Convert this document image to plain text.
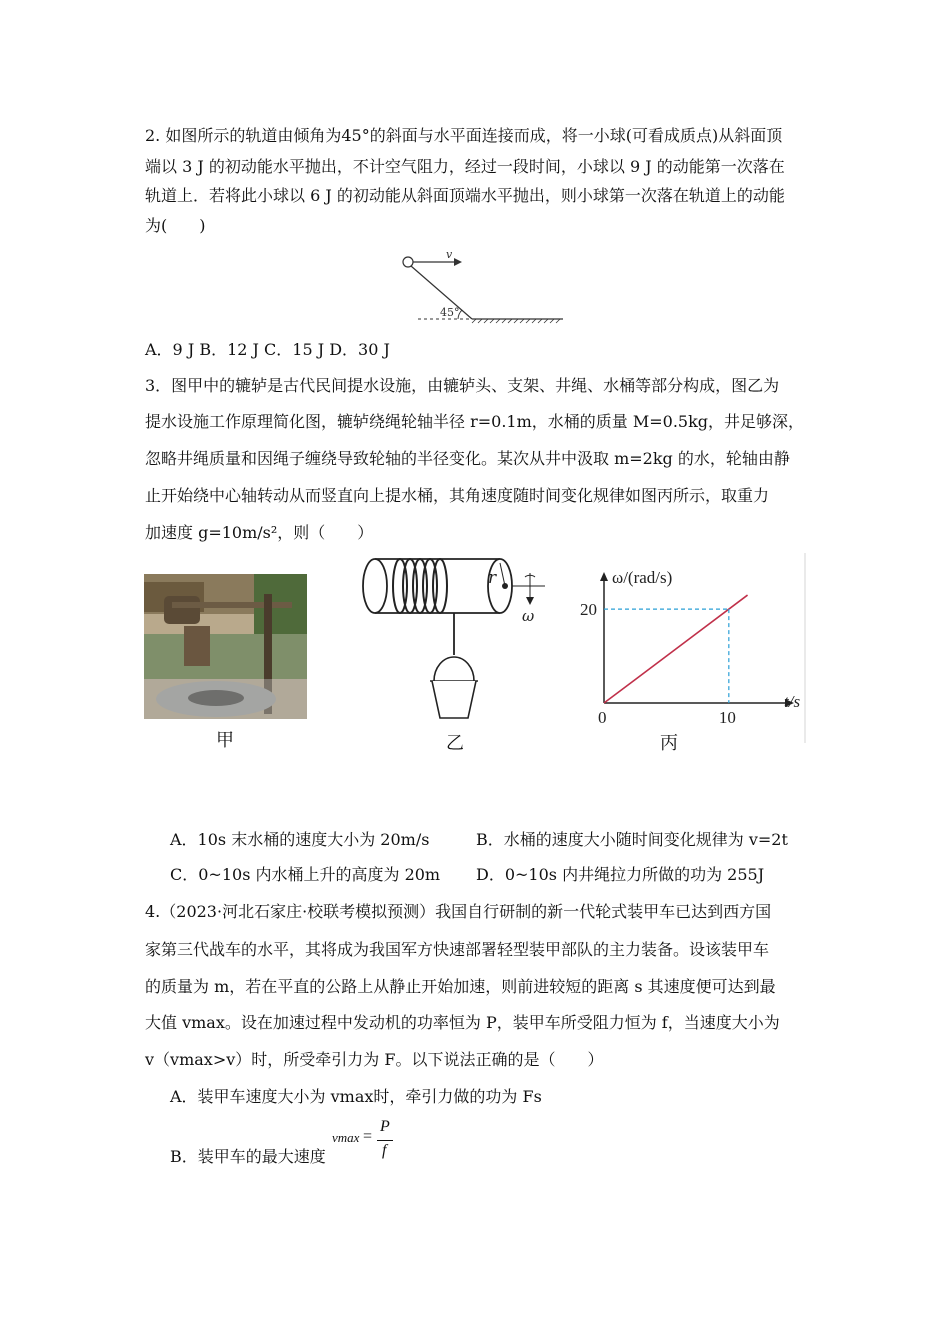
2. 如图所示的轨道由倾角为45°的斜面与水平面连接而成，将一小球(可看成质点)从斜面顶
端以 3 J 的初动能水平抛出，不计空气阻力，经过一段时间，小球以 9 J 的动能第一次落在
轨道上．若将此小球以 6 J 的初动能从斜面顶端水平抛出，则小球第一次落在轨道上的动能
为(　　)
v
45°
A．9 J B．12 J C．15 J D．30 J
3．图甲中的辘轳是古代民间提水设施，由辘轳头、支架、井绳、水桶等部分构成，图乙为
提水设施工作原理简化图，辘轳绕绳轮轴半径 r=0.1m，水桶的质量 M=0.5kg，井足够深，
忽略井绳质量和因绳子缠绕导致轮轴的半径变化。某次从井中汲取 m=2kg 的水，轮轴由静
止开始绕中心轴转动从而竖直向上提水桶，其角速度随时间变化规律如图丙所示，取重力
加速度 g=10m/s²，则（　　）
甲
r
ω
乙
ω/(rad/s)
t/s
0	10
20
丙
A．10s 末水桶的速度大小为 20m/s	B．水桶的速度大小随时间变化规律为 v=2t
C．0~10s 内水桶上升的高度为 20m D．0~10s 内井绳拉力所做的功为 255J
4.（2023·河北石家庄·校联考模拟预测）我国自行研制的新一代轮式装甲车已达到西方国
家第三代战车的水平，其将成为我国军方快速部署轻型装甲部队的主力装备。设该装甲车
的质量为 m，若在平直的公路上从静止开始加速，则前进较短的距离 s 其速度便可达到最
大值 vmax。设在加速过程中发动机的功率恒为 P，装甲车所受阻力恒为 f，当速度大小为
v（vmax>v）时，所受牵引力为 F。以下说法正确的是（　　）
A．装甲车速度大小为 vmax时，牵引力做的功为 Fs
B．装甲车的最大速度
vmax =
P
f
